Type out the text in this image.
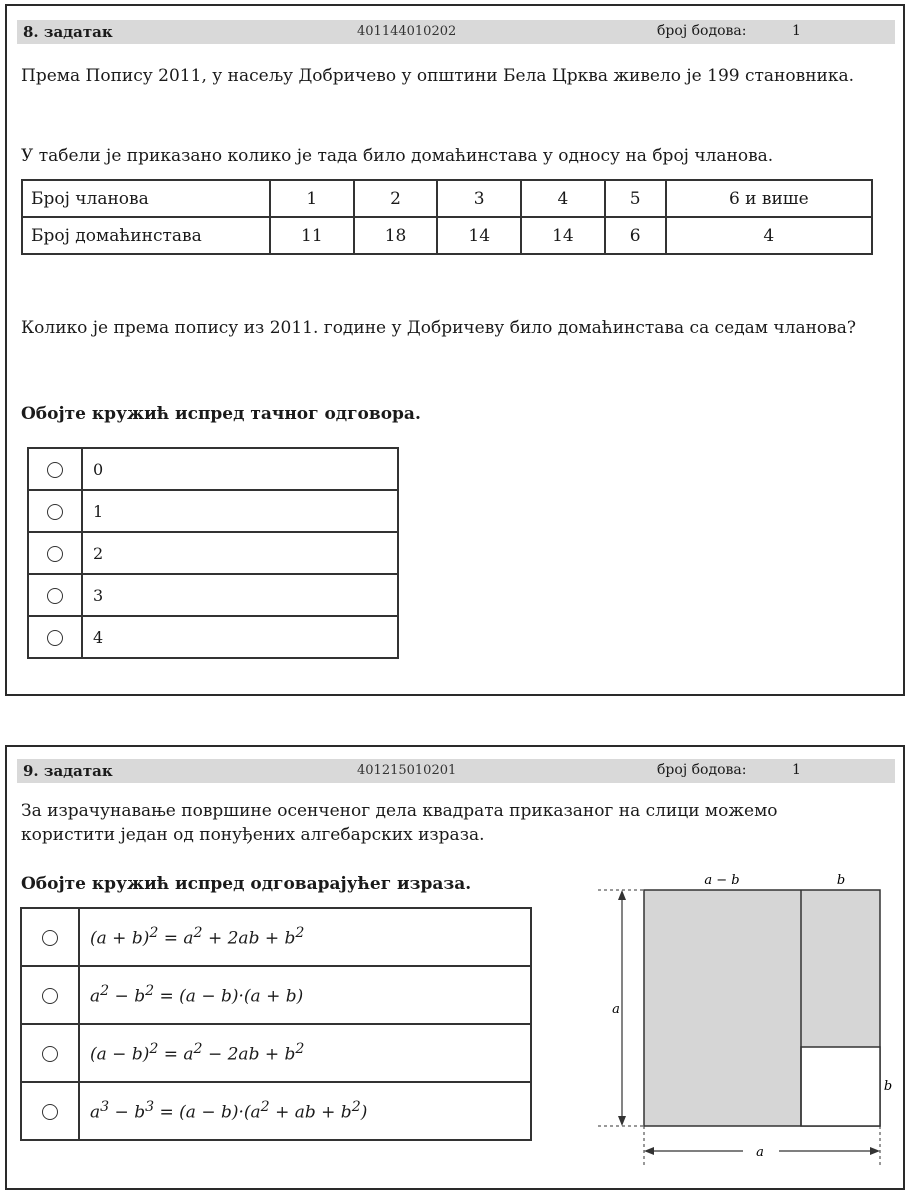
8. задатак	401144010202	број бодова:	1
Према Попису 2011, у насељу Добричево у општини Бела Црква живело је 199 становника.
У табели је приказано колико је тада било домаћинстава у односу на број чланова.
Број чланова	1	2	3	4	5	6 и више
Број домаћинстава	11	18	14	14	6	4
Колико је према попису из 2011. године у Добричеву било домаћинстава са седам чланова?
Обојте кружић испред тачног одговора.
	0
	1
	2
	3
	4
9. задатак	401215010201	број бодова:	1
За израчунавање површине осенченог дела квадрата приказаног на слици можемо
користити један од понуђених алгебарских израза.
Обојте кружић испред одговарајућег израза.
	$(a + b)^2 = a^2 + 2ab + b^2$
	$a^2 - b^2 = (a - b)\cdot(a + b)$
	$(a - b)^2 = a^2 - 2ab + b^2$
	$a^3 - b^3 = (a - b)\cdot(a^2$ + ab + $b^2$)
a
a − b	b
a
b
